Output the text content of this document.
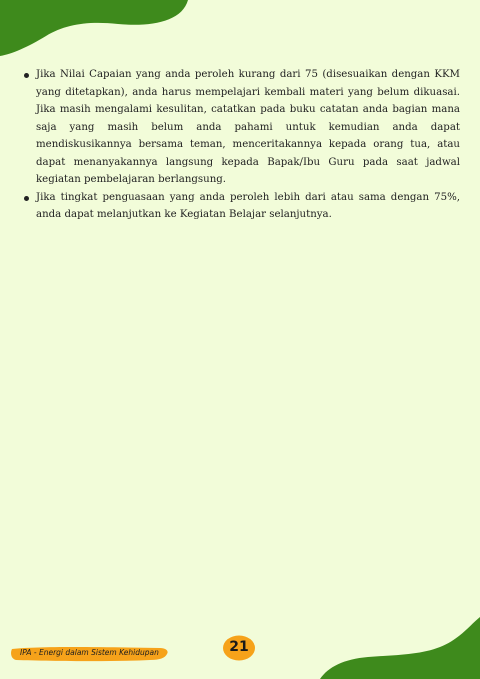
Jika Nilai Capaian yang anda peroleh kurang dari 75 (disesuaikan dengan KKM yang ditetapkan), anda harus mempelajari kembali materi yang belum dikuasai. Jika masih mengalami kesulitan, catatkan pada buku catatan anda bagian mana saja yang masih belum anda pahami untuk kemudian anda dapat mendiskusikannya bersama teman, menceritakannya kepada orang tua, atau dapat menanyakannya langsung kepada Bapak/Ibu Guru pada saat jadwal kegiatan pembelajaran berlangsung.
Jika tingkat penguasaan yang anda peroleh lebih dari atau sama dengan 75%, anda dapat melanjutkan ke Kegiatan Belajar selanjutnya.
IPA - Energi dalam Sistem Kehidupan	21
